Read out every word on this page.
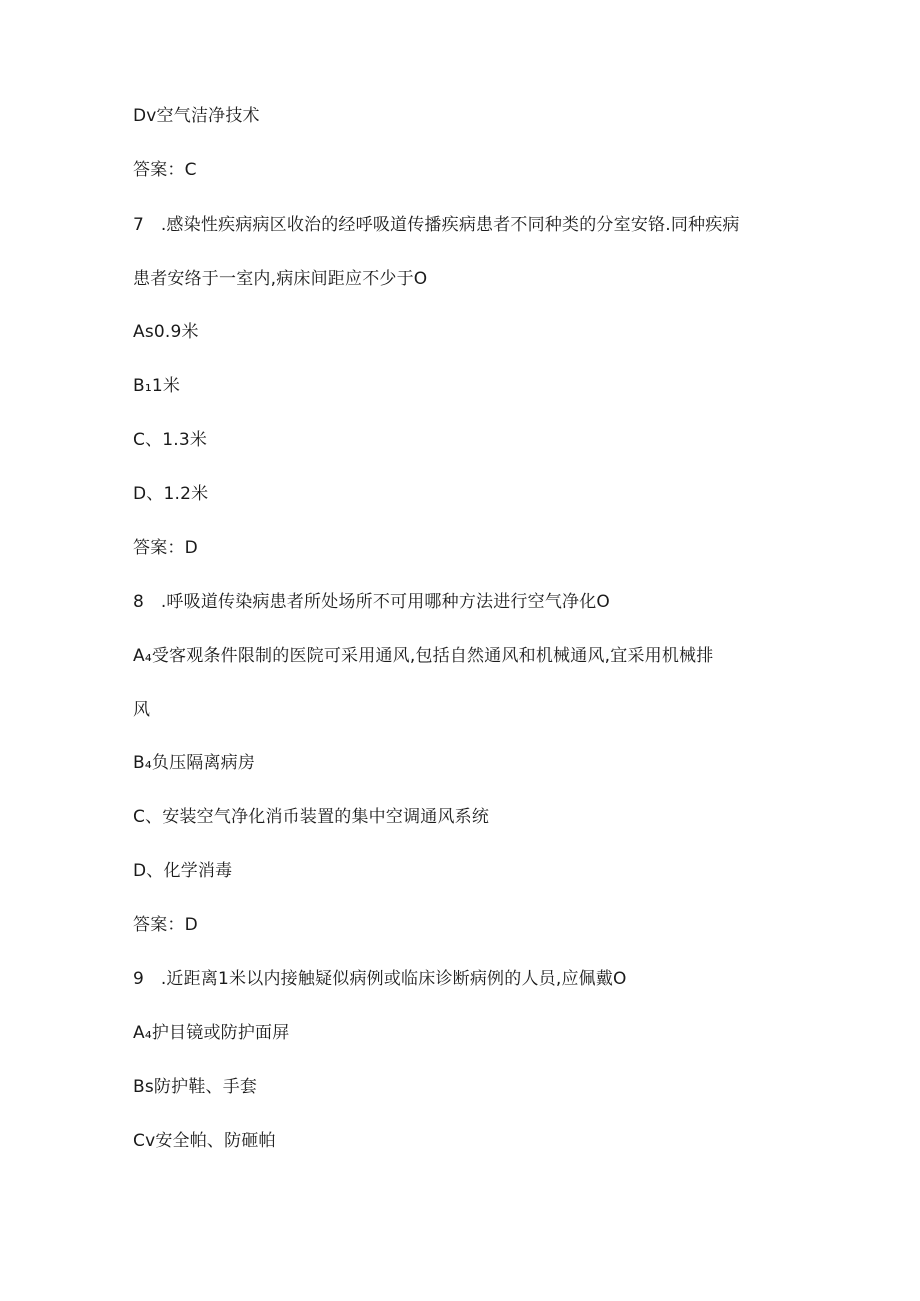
Dv空气洁净技术
答案：C
7   .感染性疾病病区收治的经呼吸道传播疾病患者不同种类的分室安铬.同种疾病
患者安络于一室内,病床间距应不少于O
As0.9米
B₁1米
C、1.3米
D、1.2米
答案：D
8   .呼吸道传染病患者所处场所不可用哪种方法进行空气净化O
A₄受客观条件限制的医院可采用通风,包括自然通风和机械通风,宜采用机械排
风
B₄负压隔离病房
C、安装空气净化消币装置的集中空调通风系统
D、化学消毒
答案：D
9   .近距离1米以内接触疑似病例或临床诊断病例的人员,应佩戴O
A₄护目镜或防护面屏
Bs防护鞋、手套
Cv安全帕、防砸帕
